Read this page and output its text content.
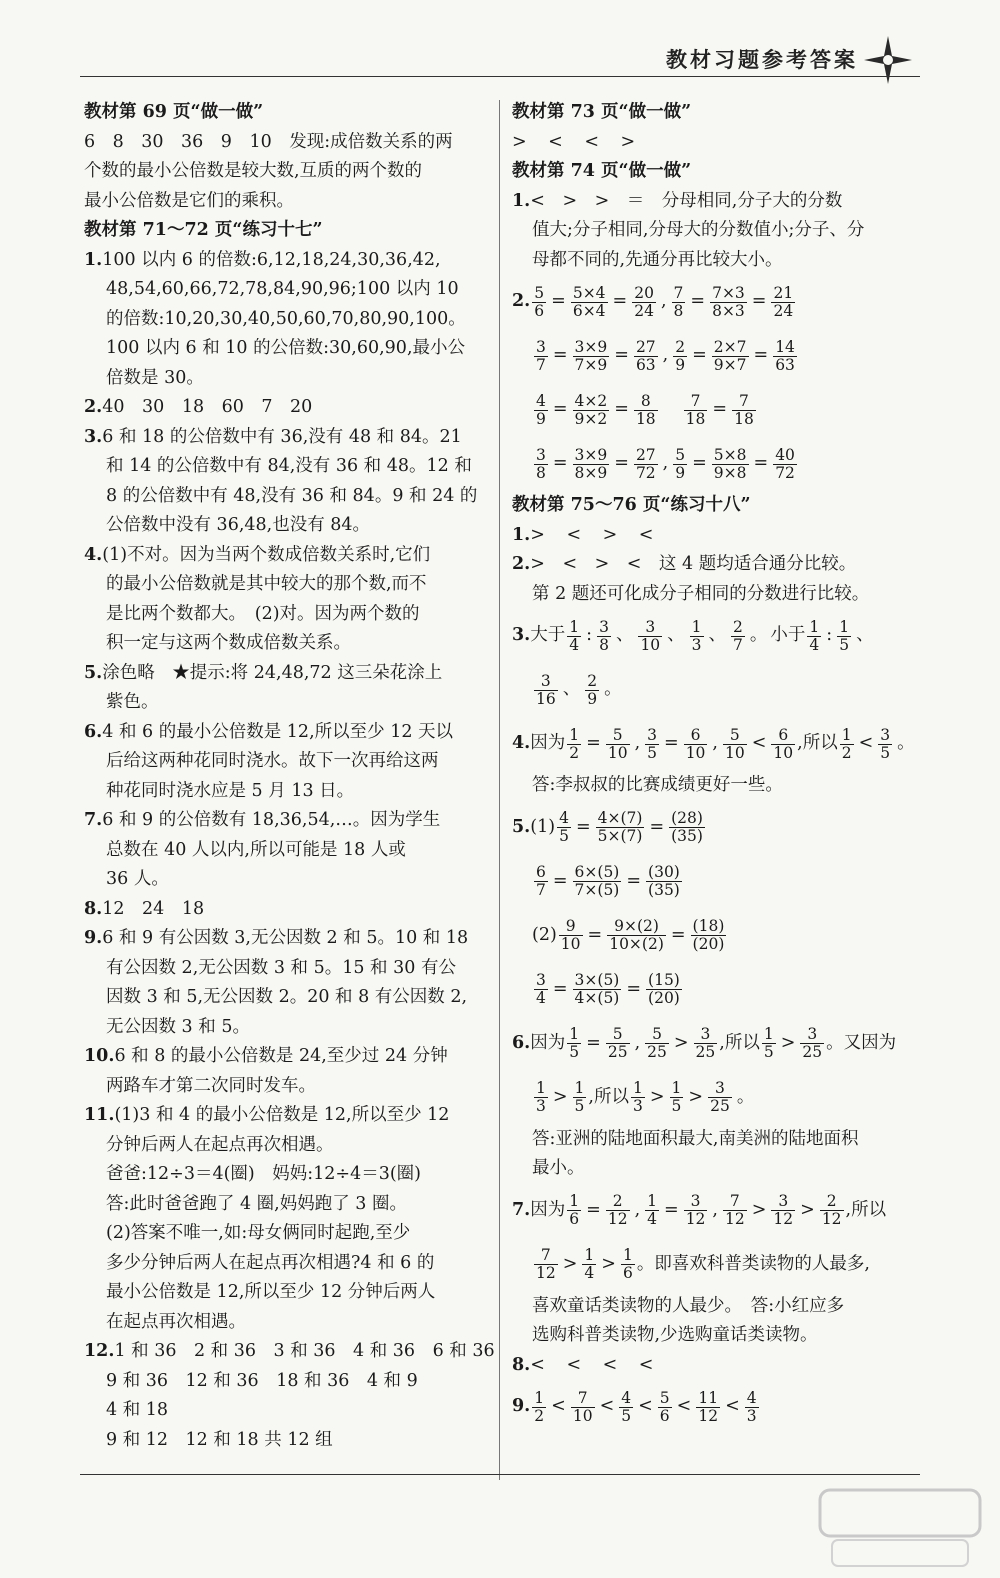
教材习题参考答案
教材第 69 页“做一做”
6　8　30　36　9　10　发现:成倍数关系的两
个数的最小公倍数是较大数,互质的两个数的
最小公倍数是它们的乘积。
教材第 71～72 页“练习十七”
1.100 以内 6 的倍数:6,12,18,24,30,36,42,
48,54,60,66,72,78,84,90,96;100 以内 10
的倍数:10,20,30,40,50,60,70,80,90,100。
100 以内 6 和 10 的公倍数:30,60,90,最小公
倍数是 30。
2.40　30　18　60　7　20
3.6 和 18 的公倍数中有 36,没有 48 和 84。21
和 14 的公倍数中有 84,没有 36 和 48。12 和
8 的公倍数中有 48,没有 36 和 84。9 和 24 的
公倍数中没有 36,48,也没有 84。
4.(1)不对。因为当两个数成倍数关系时,它们
的最小公倍数就是其中较大的那个数,而不
是比两个数都大。　(2)对。因为两个数的
积一定与这两个数成倍数关系。
5.涂色略　★提示:将 24,48,72 这三朵花涂上
紫色。
6.4 和 6 的最小公倍数是 12,所以至少 12 天以
后给这两种花同时浇水。故下一次再给这两
种花同时浇水应是 5 月 13 日。
7.6 和 9 的公倍数有 18,36,54,…。因为学生
总数在 40 人以内,所以可能是 18 人或
36 人。
8.12　24　18
9.6 和 9 有公因数 3,无公因数 2 和 5。10 和 18
有公因数 2,无公因数 3 和 5。15 和 30 有公
因数 3 和 5,无公因数 2。20 和 8 有公因数 2,
无公因数 3 和 5。
10.6 和 8 的最小公倍数是 24,至少过 24 分钟
两路车才第二次同时发车。
11.(1)3 和 4 的最小公倍数是 12,所以至少 12
分钟后两人在起点再次相遇。
爸爸:12÷3＝4(圈)　妈妈:12÷4＝3(圈)
答:此时爸爸跑了 4 圈,妈妈跑了 3 圈。
(2)答案不唯一,如:母女俩同时起跑,至少
多少分钟后两人在起点再次相遇?4 和 6 的
最小公倍数是 12,所以至少 12 分钟后两人
在起点再次相遇。
12.1 和 36　2 和 36　3 和 36　4 和 36　6 和 36
9 和 36　12 和 36　18 和 36　4 和 9
4 和 18
9 和 12　12 和 18 共 12 组
教材第 73 页“做一做”
>　<　<　>
教材第 74 页“做一做”
1.<　>　>　＝　分母相同,分子大的分数
值大;分子相同,分母大的分数值小;分子、分
母都不同的,先通分再比较大小。
2. $\frac{5}{6} = \frac{5\times 4}{6\times 4} = \frac{20}{24}$ , $\frac{7}{8} = \frac{7\times 3}{8\times 3} = \frac{21}{24}$
$\frac{3}{7} = \frac{3\times 9}{7\times 9} = \frac{27}{63}$ , $\frac{2}{9} = \frac{2\times 7}{9\times 7} = \frac{14}{63}$
$\frac{4}{9} = \frac{4\times 2}{9\times 2} = \frac{8}{18} \frac{7}{18} = \frac{7}{18}$
$\frac{3}{8} = \frac{3\times 9}{8\times 9} = \frac{27}{72}$ , $\frac{5}{9} = \frac{5\times 8}{9\times 8} = \frac{40}{72}$
教材第 75～76 页“练习十八”
1.>　<　>　<
2.>　<　>　<　这 4 题均适合通分比较。
第 2 题还可化成分子相同的分数进行比较。
3. 大于 $\frac{1}{4}$ : $\frac{3}{8}$ 、 $\frac{3}{10}$ 、 $\frac{1}{3}$ 、 $\frac{2}{7}$ 。 小于 $\frac{1}{4}$ : $\frac{1}{5}$ 、
$\frac{3}{16}$ 、 $\frac{2}{9}$ 。
4. 因为 $\frac{1}{2} = \frac{5}{10}$ , $\frac{3}{5} = \frac{6}{10}$ , $\frac{5}{10} < \frac{6}{10}$ ,所以 $\frac{1}{2} < \frac{3}{5}$ 。
答:李叔叔的比赛成绩更好一些。
5. $(1) \frac{4}{5} = \frac{4\times(7)}{5\times(7)} = \frac{(28)}{(35)}$
$\frac{6}{7} = \frac{6\times(5)}{7\times(5)} = \frac{(30)}{(35)}$
$(2) \frac{9}{10} = \frac{9\times(2)}{10\times(2)} = \frac{(18)}{(20)}$
$\frac{3}{4} = \frac{3\times(5)}{4\times(5)} = \frac{(15)}{(20)}$
6. 因为 $\frac{1}{5} = \frac{5}{25}$ , $\frac{5}{25} > \frac{3}{25}$ ,所以 $\frac{1}{5} > \frac{3}{25}$ 。又因为
$\frac{1}{3} > \frac{1}{5}$ ,所以 $\frac{1}{3} > \frac{1}{5} > \frac{3}{25}$ 。
答:亚洲的陆地面积最大,南美洲的陆地面积
最小。
7. 因为 $\frac{1}{6} = \frac{2}{12}$ , $\frac{1}{4} = \frac{3}{12}$ , $\frac{7}{12} > \frac{3}{12} > \frac{2}{12}$ ,所以
$\frac{7}{12} > \frac{1}{4} > \frac{1}{6}$ 。即喜欢科普类读物的人最多,
喜欢童话类读物的人最少。　答:小红应多
选购科普类读物,少选购童话类读物。
8.<　<　<　<
9. $\frac{1}{2} < \frac{7}{10} < \frac{4}{5} < \frac{5}{6} < \frac{11}{12} < \frac{4}{3}$
